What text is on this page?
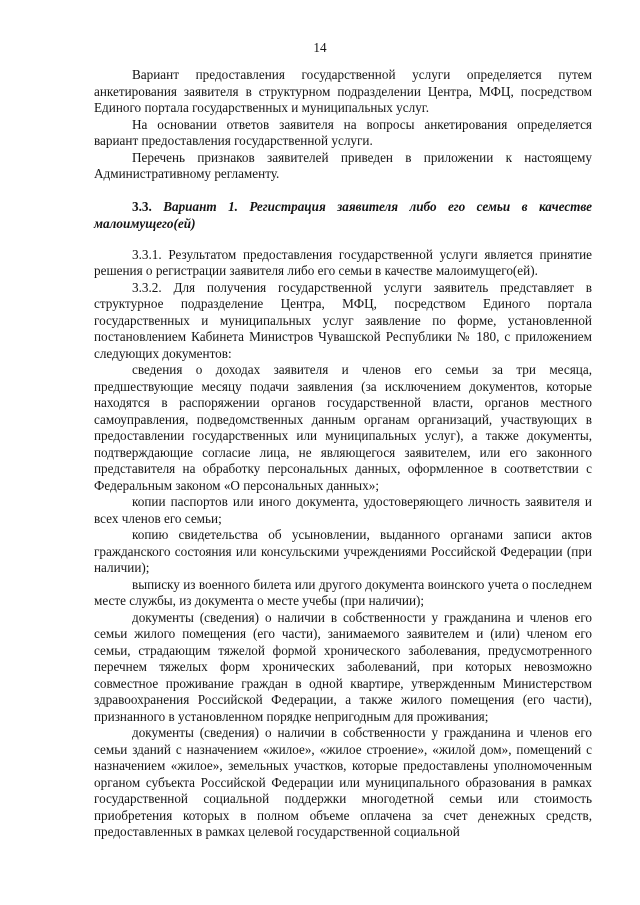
14

Вариант предоставления государственной услуги определяется путем анкетирования заявителя в структурном подразделении Центра, МФЦ, посредством Единого портала государственных и муниципальных услуг.

На основании ответов заявителя на вопросы анкетирования определяется вариант предоставления государственной услуги.

Перечень признаков заявителей приведен в приложении к настоящему Административному регламенту.

3.3. Вариант 1. Регистрация заявителя либо его семьи в качестве малоимущего(ей)

3.3.1. Результатом предоставления государственной услуги является принятие решения о регистрации заявителя либо его семьи в качестве малоимущего(ей).

3.3.2. Для получения государственной услуги заявитель представляет в структурное подразделение Центра, МФЦ, посредством Единого портала государственных и муниципальных услуг заявление по форме, установленной постановлением Кабинета Министров Чувашской Республики № 180, с приложением следующих документов:

сведения о доходах заявителя и членов его семьи за три месяца, предшествующие месяцу подачи заявления (за исключением документов, которые находятся в распоряжении органов государственной власти, органов местного самоуправления, подведомственных данным органам организаций, участвующих в предоставлении государственных или муниципальных услуг), а также документы, подтверждающие согласие лица, не являющегося заявителем, или его законного представителя на обработку персональных данных, оформленное в соответствии с Федеральным законом «О персональных данных»;

копии паспортов или иного документа, удостоверяющего личность заявителя и всех членов его семьи;

копию свидетельства об усыновлении, выданного органами записи актов гражданского состояния или консульскими учреждениями Российской Федерации (при наличии);

выписку из военного билета или другого документа воинского учета о последнем месте службы, из документа о месте учебы (при наличии);

документы (сведения) о наличии в собственности у гражданина и членов его семьи жилого помещения (его части), занимаемого заявителем и (или) членом его семьи, страдающим тяжелой формой хронического заболевания, предусмотренного перечнем тяжелых форм хронических заболеваний, при которых невозможно совместное проживание граждан в одной квартире, утвержденным Министерством здравоохранения Российской Федерации, а также жилого помещения (его части), признанного в установленном порядке непригодным для проживания;

документы (сведения) о наличии в собственности у гражданина и членов его семьи зданий с назначением «жилое», «жилое строение», «жилой дом», помещений с назначением «жилое», земельных участков, которые предоставлены уполномоченным органом субъекта Российской Федерации или муниципального образования в рамках государственной социальной поддержки многодетной семьи или стоимость приобретения которых в полном объеме оплачена за счет денежных средств, предоставленных в рамках целевой государственной социальной
